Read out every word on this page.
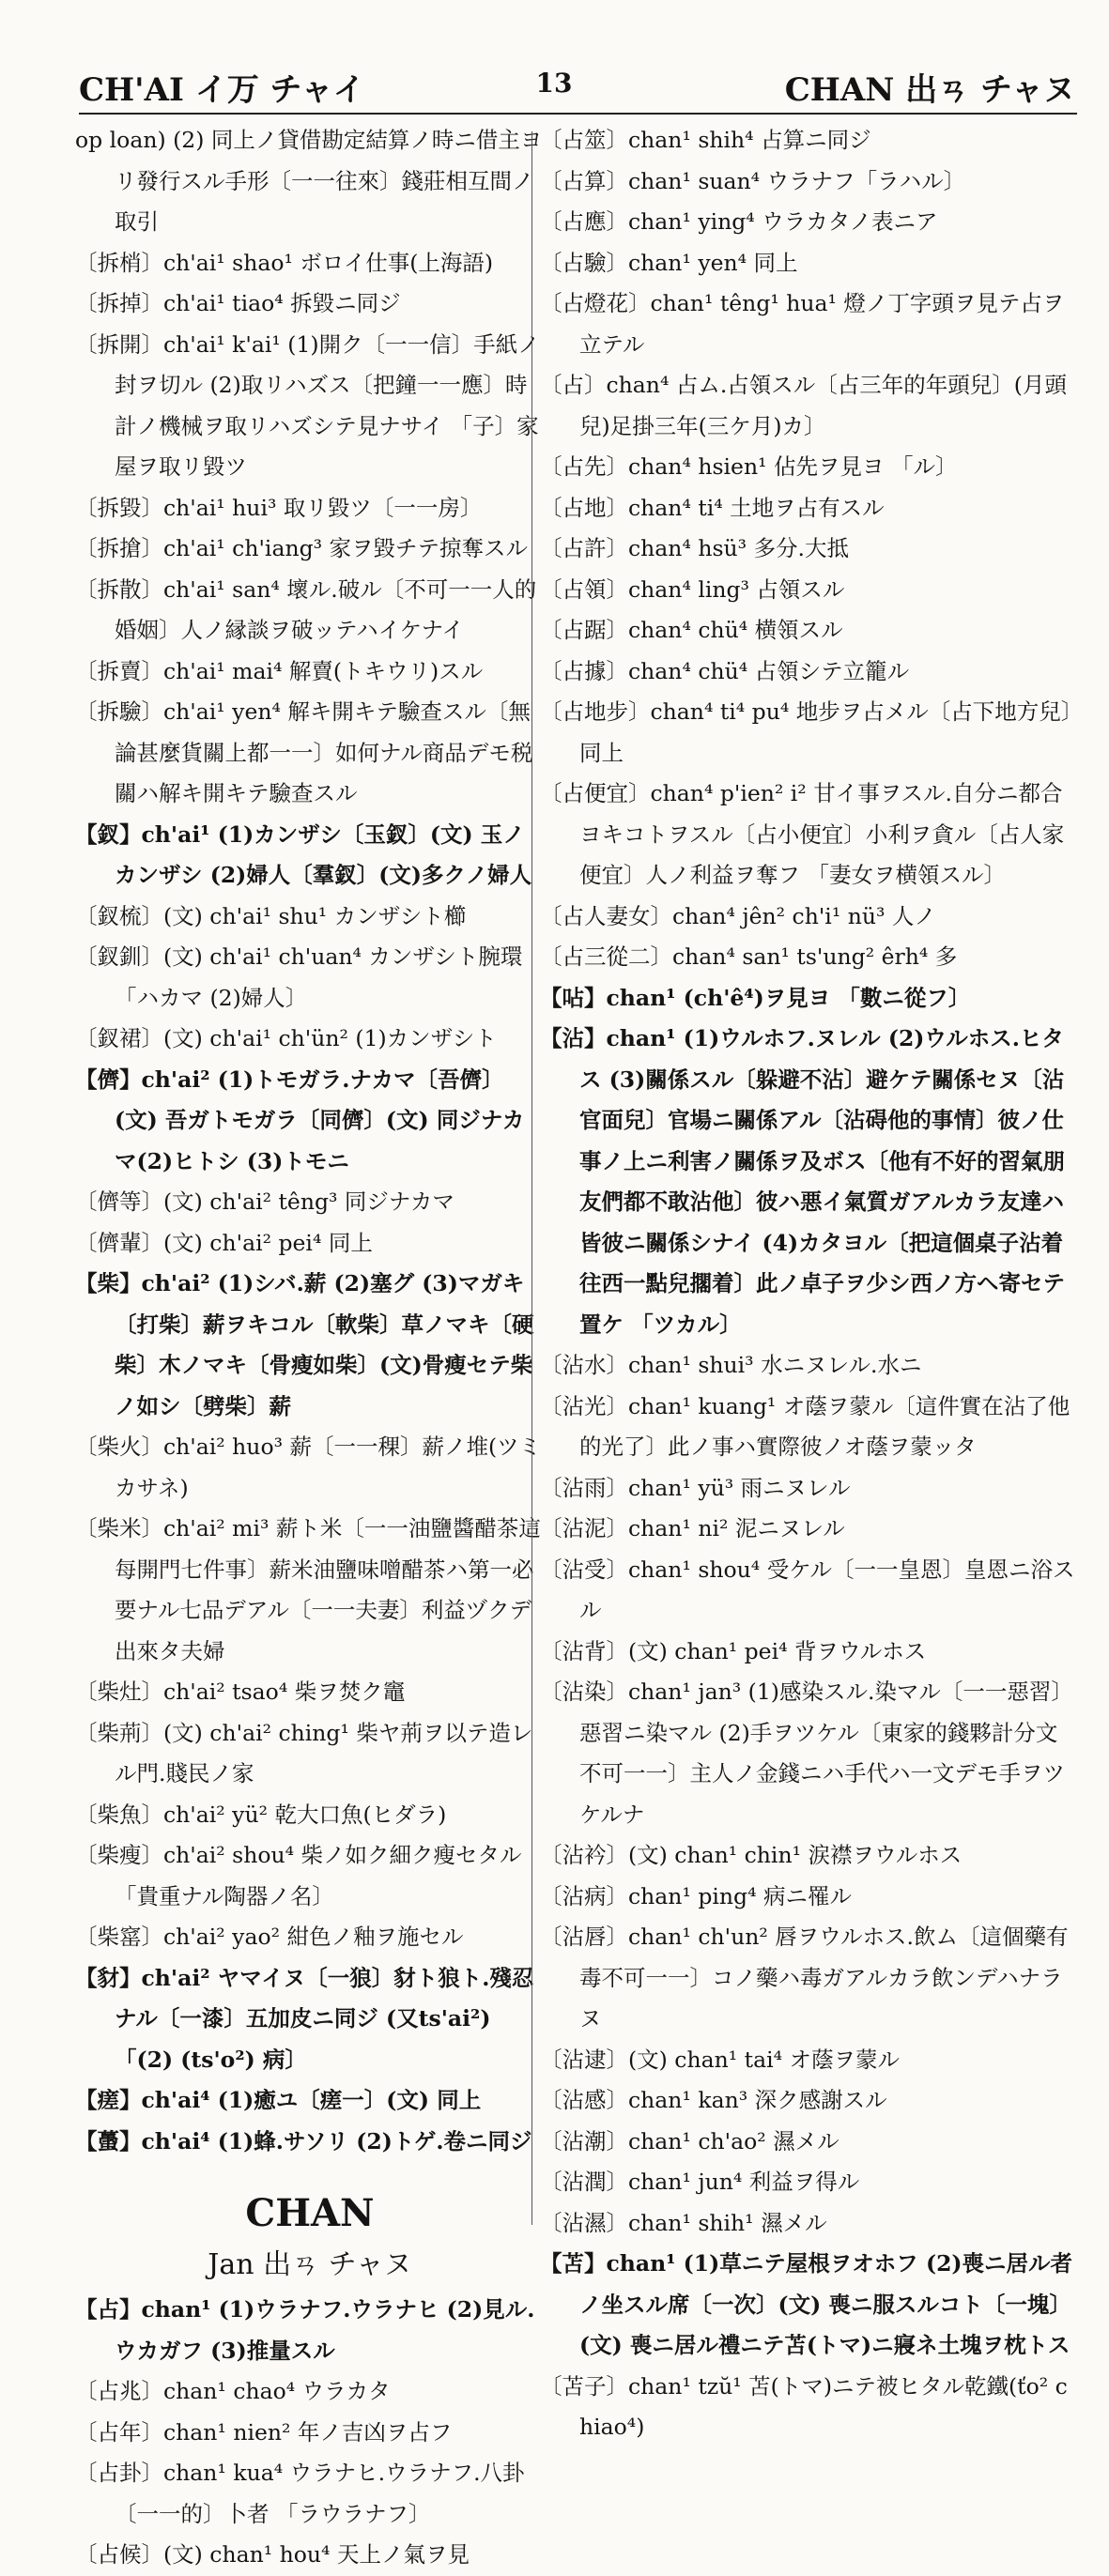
CH'AI イ万 チャイ	13	CHAN 出ㄢ チャヌ

op loan) (2) 同上ノ貸借勘定結算ノ時ニ借主ヨリ發行スル手形〔一一往來〕錢莊相互間ノ取引

〔拆梢〕ch'ai¹ shao¹ ボロイ仕事(上海語)

〔拆掉〕ch'ai¹ tiao⁴ 拆毀ニ同ジ

〔拆開〕ch'ai¹ k'ai¹ (1)開ク〔一一信〕手紙ノ封ヲ切ル (2)取リハズス〔把鐘一一應〕時計ノ機械ヲ取リハズシテ見ナサイ 「子〕家屋ヲ取リ毀ツ

〔拆毀〕ch'ai¹ hui³ 取リ毀ツ〔一一房〕

〔拆搶〕ch'ai¹ ch'iang³ 家ヲ毀チテ掠奪スル

〔拆散〕ch'ai¹ san⁴ 壞ル.破ル〔不可一一人的婚姻〕人ノ縁談ヲ破ッテハイケナイ

〔拆賣〕ch'ai¹ mai⁴ 解賣(トキウリ)スル

〔拆驗〕ch'ai¹ yen⁴ 解キ開キテ驗查スル〔無論甚麼貨關上都一一〕如何ナル商品デモ税關ハ解キ開キテ驗查スル

【釵】ch'ai¹ (1)カンザシ〔玉釵〕(文) 玉ノカンザシ (2)婦人〔羣釵〕(文)多クノ婦人

〔釵梳〕(文) ch'ai¹ shu¹ カンザシト櫛

〔釵釧〕(文) ch'ai¹ ch'uan⁴ カンザシト腕環 「ハカマ (2)婦人〕

〔釵裙〕(文) ch'ai¹ ch'ün² (1)カンザシト

【儕】ch'ai² (1)トモガラ.ナカマ〔吾儕〕(文) 吾ガトモガラ〔同儕〕(文) 同ジナカマ(2)ヒトシ (3)トモニ

〔儕等〕(文) ch'ai² têng³ 同ジナカマ

〔儕輩〕(文) ch'ai² pei⁴ 同上

【柴】ch'ai² (1)シバ.薪 (2)塞グ (3)マガキ 〔打柴〕薪ヲキコル〔軟柴〕草ノマキ〔硬柴〕木ノマキ〔骨瘦如柴〕(文)骨瘦セテ柴ノ如シ〔劈柴〕薪

〔柴火〕ch'ai² huo³ 薪〔一一稞〕薪ノ堆(ツミカサネ)

〔柴米〕ch'ai² mi³ 薪ト米〔一一油鹽醬醋茶這每開門七件事〕薪米油鹽味噌醋茶ハ第一必要ナル七品デアル〔一一夫妻〕利益ヅクデ出來タ夫婦

〔柴灶〕ch'ai² tsao⁴ 柴ヲ焚ク竈

〔柴荊〕(文) ch'ai² ching¹ 柴ヤ荊ヲ以テ造レル門.賤民ノ家

〔柴魚〕ch'ai² yü² 乾大口魚(ヒダラ)

〔柴瘦〕ch'ai² shou⁴ 柴ノ如ク細ク瘦セタル 「貴重ナル陶器ノ名〕

〔柴窰〕ch'ai² yao² 紺色ノ釉ヲ施セル

【豺】ch'ai² ヤマイヌ〔一狼〕豺ト狼ト.殘忍ナル〔一漆〕五加皮ニ同ジ (又ts'ai²) 「(2) (ts'o²) 病〕

【瘥】ch'ai⁴ (1)癒ユ〔瘥一〕(文) 同上

【蠆】ch'ai⁴ (1)蜂.サソリ (2)トゲ.卷ニ同ジ

CHAN
Jan 出ㄢ チャヌ

【占】chan¹ (1)ウラナフ.ウラナヒ (2)見ル.ウカガフ (3)推量スル

〔占兆〕chan¹ chao⁴ ウラカタ

〔占年〕chan¹ nien² 年ノ吉凶ヲ占フ

〔占卦〕chan¹ kua⁴ ウラナヒ.ウラナフ.八卦〔一一的〕卜者 「ラウラナフ〕

〔占候〕(文) chan¹ hou⁴ 天上ノ氣ヲ見

〔占筮〕chan¹ shih⁴ 占算ニ同ジ

〔占算〕chan¹ suan⁴ ウラナフ「ラハル〕

〔占應〕chan¹ ying⁴ ウラカタノ表ニア

〔占驗〕chan¹ yen⁴ 同上

〔占燈花〕chan¹ têng¹ hua¹ 燈ノ丁字頭ヲ見テ占ヲ立テル

〔占〕chan⁴ 占ム.占領スル〔占三年的年頭兒〕(月頭兒)足掛三年(三ケ月)カ〕

〔占先〕chan⁴ hsien¹ 佔先ヲ見ヨ 「ル〕

〔占地〕chan⁴ ti⁴ 土地ヲ占有スル

〔占許〕chan⁴ hsü³ 多分.大抵

〔占領〕chan⁴ ling³ 占領スル

〔占踞〕chan⁴ chü⁴ 横領スル

〔占據〕chan⁴ chü⁴ 占領シテ立籠ル

〔占地步〕chan⁴ ti⁴ pu⁴ 地步ヲ占メル〔占下地方兒〕同上

〔占便宜〕chan⁴ p'ien² i² 甘イ事ヲスル.自分ニ都合ヨキコトヲスル〔占小便宜〕小利ヲ貪ル〔占人家便宜〕人ノ利益ヲ奪フ 「妻女ヲ横領スル〕

〔占人妻女〕chan⁴ jên² ch'i¹ nü³ 人ノ

〔占三從二〕chan⁴ san¹ ts'ung² êrh⁴ 多

【呫】chan¹ (ch'ê⁴)ヲ見ヨ 「數ニ從フ〕

【沾】chan¹ (1)ウルホフ.ヌレル (2)ウルホス.ヒタス (3)關係スル〔躲避不沾〕避ケテ關係セヌ〔沾官面兒〕官場ニ關係アル〔沾碍他的事情〕彼ノ仕事ノ上ニ利害ノ關係ヲ及ボス〔他有不好的習氣朋友們都不敢沾他〕彼ハ悪イ氣質ガアルカラ友達ハ皆彼ニ關係シナイ (4)カタヨル〔把這個桌子沾着往西一點兒擱着〕此ノ卓子ヲ少シ西ノ方ヘ寄セテ置ケ 「ツカル〕

〔沾水〕chan¹ shui³ 水ニヌレル.水ニ

〔沾光〕chan¹ kuang¹ オ蔭ヲ蒙ル〔這件實在沾了他的光了〕此ノ事ハ實際彼ノオ蔭ヲ蒙ッタ

〔沾雨〕chan¹ yü³ 雨ニヌレル

〔沾泥〕chan¹ ni² 泥ニヌレル

〔沾受〕chan¹ shou⁴ 受ケル〔一一皇恩〕皇恩ニ浴スル

〔沾背〕(文) chan¹ pei⁴ 背ヲウルホス

〔沾染〕chan¹ jan³ (1)感染スル.染マル〔一一惡習〕惡習ニ染マル (2)手ヲツケル〔東家的錢夥計分文不可一一〕主人ノ金錢ニハ手代ハ一文デモ手ヲツケルナ

〔沾衿〕(文) chan¹ chin¹ 涙襟ヲウルホス

〔沾病〕chan¹ ping⁴ 病ニ罹ル

〔沾唇〕chan¹ ch'un² 唇ヲウルホス.飲ム〔這個藥有毒不可一一〕コノ藥ハ毒ガアルカラ飲ンデハナラヌ

〔沾逮〕(文) chan¹ tai⁴ オ蔭ヲ蒙ル

〔沾感〕chan¹ kan³ 深ク感謝スル

〔沾潮〕chan¹ ch'ao² 濕メル

〔沾潤〕chan¹ jun⁴ 利益ヲ得ル

〔沾濕〕chan¹ shih¹ 濕メル

【苫】chan¹ (1)草ニテ屋根ヲオホフ (2)喪ニ居ル者ノ坐スル席〔一次〕(文) 喪ニ服スルコト〔一塊〕(文) 喪ニ居ル禮ニテ苫(トマ)ニ寢ネ土塊ヲ枕トス

〔苫子〕chan¹ tzŭ¹ 苫(トマ)ニテ被ヒタル乾鐵(ťo² chiao⁴)
